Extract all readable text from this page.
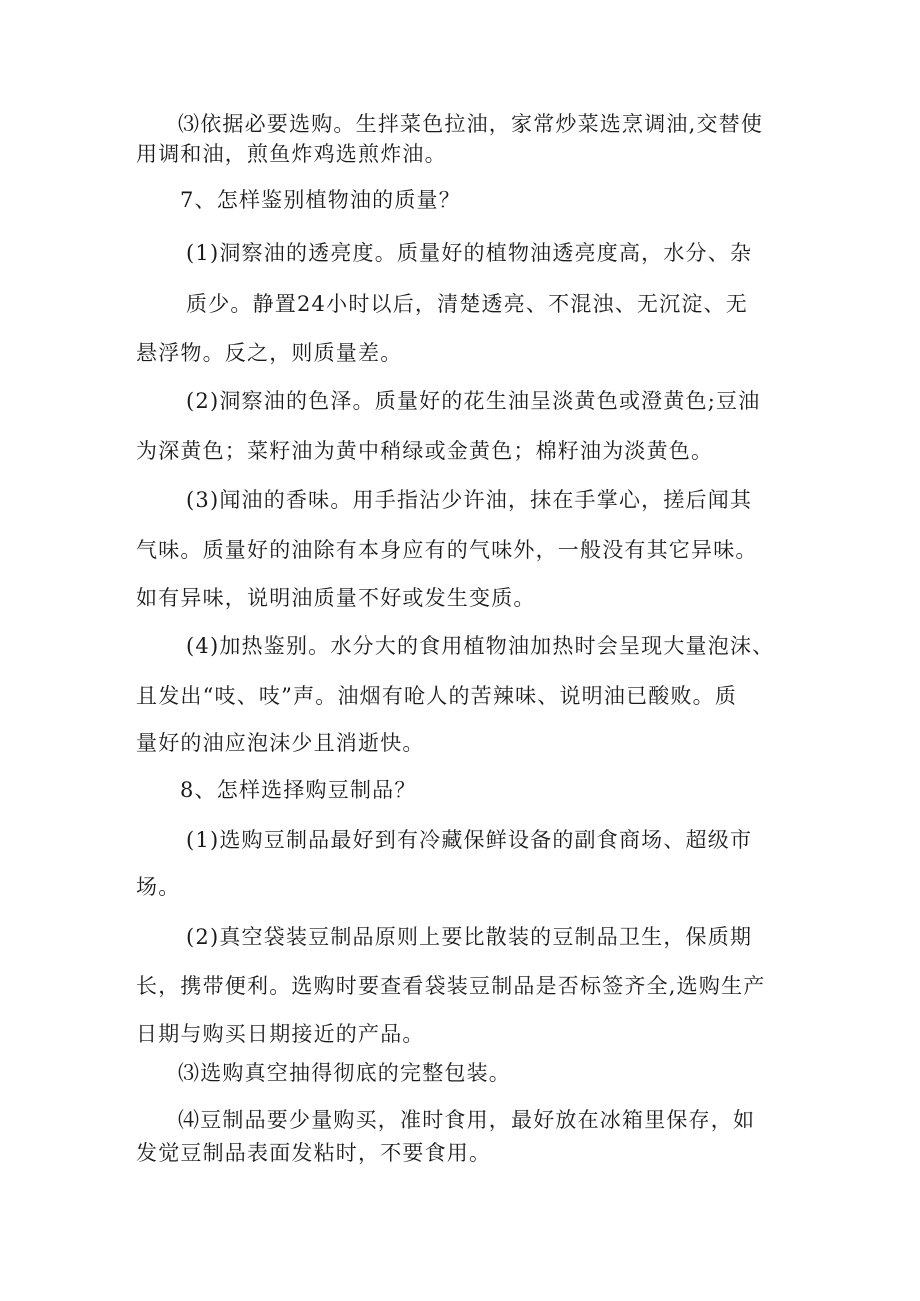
⑶依据必要选购。生拌菜色拉油，家常炒菜选烹调油,交替使
用调和油，煎鱼炸鸡选煎炸油。
7、怎样鉴别植物油的质量？
(1)洞察油的透亮度。质量好的植物油透亮度高，水分、杂
质少。静置24小时以后，清楚透亮、不混浊、无沉淀、无
悬浮物。反之，则质量差。
(2)洞察油的色泽。质量好的花生油呈淡黄色或澄黄色;豆油
为深黄色；菜籽油为黄中稍绿或金黄色；棉籽油为淡黄色。
(3)闻油的香味。用手指沾少许油，抹在手掌心，搓后闻其
气味。质量好的油除有本身应有的气味外，一般没有其它异味。
如有异味，说明油质量不好或发生变质。
(4)加热鉴别。水分大的食用植物油加热时会呈现大量泡沫、
且发出“吱、吱”声。油烟有呛人的苦辣味、说明油已酸败。质
量好的油应泡沫少且消逝快。
8、怎样选择购豆制品？
(1)选购豆制品最好到有冷藏保鲜设备的副食商场、超级市
场。
(2)真空袋装豆制品原则上要比散装的豆制品卫生，保质期
长，携带便利。选购时要查看袋装豆制品是否标签齐全,选购生产
日期与购买日期接近的产品。
⑶选购真空抽得彻底的完整包装。
⑷豆制品要少量购买，准时食用，最好放在冰箱里保存，如
发觉豆制品表面发粘时，不要食用。
